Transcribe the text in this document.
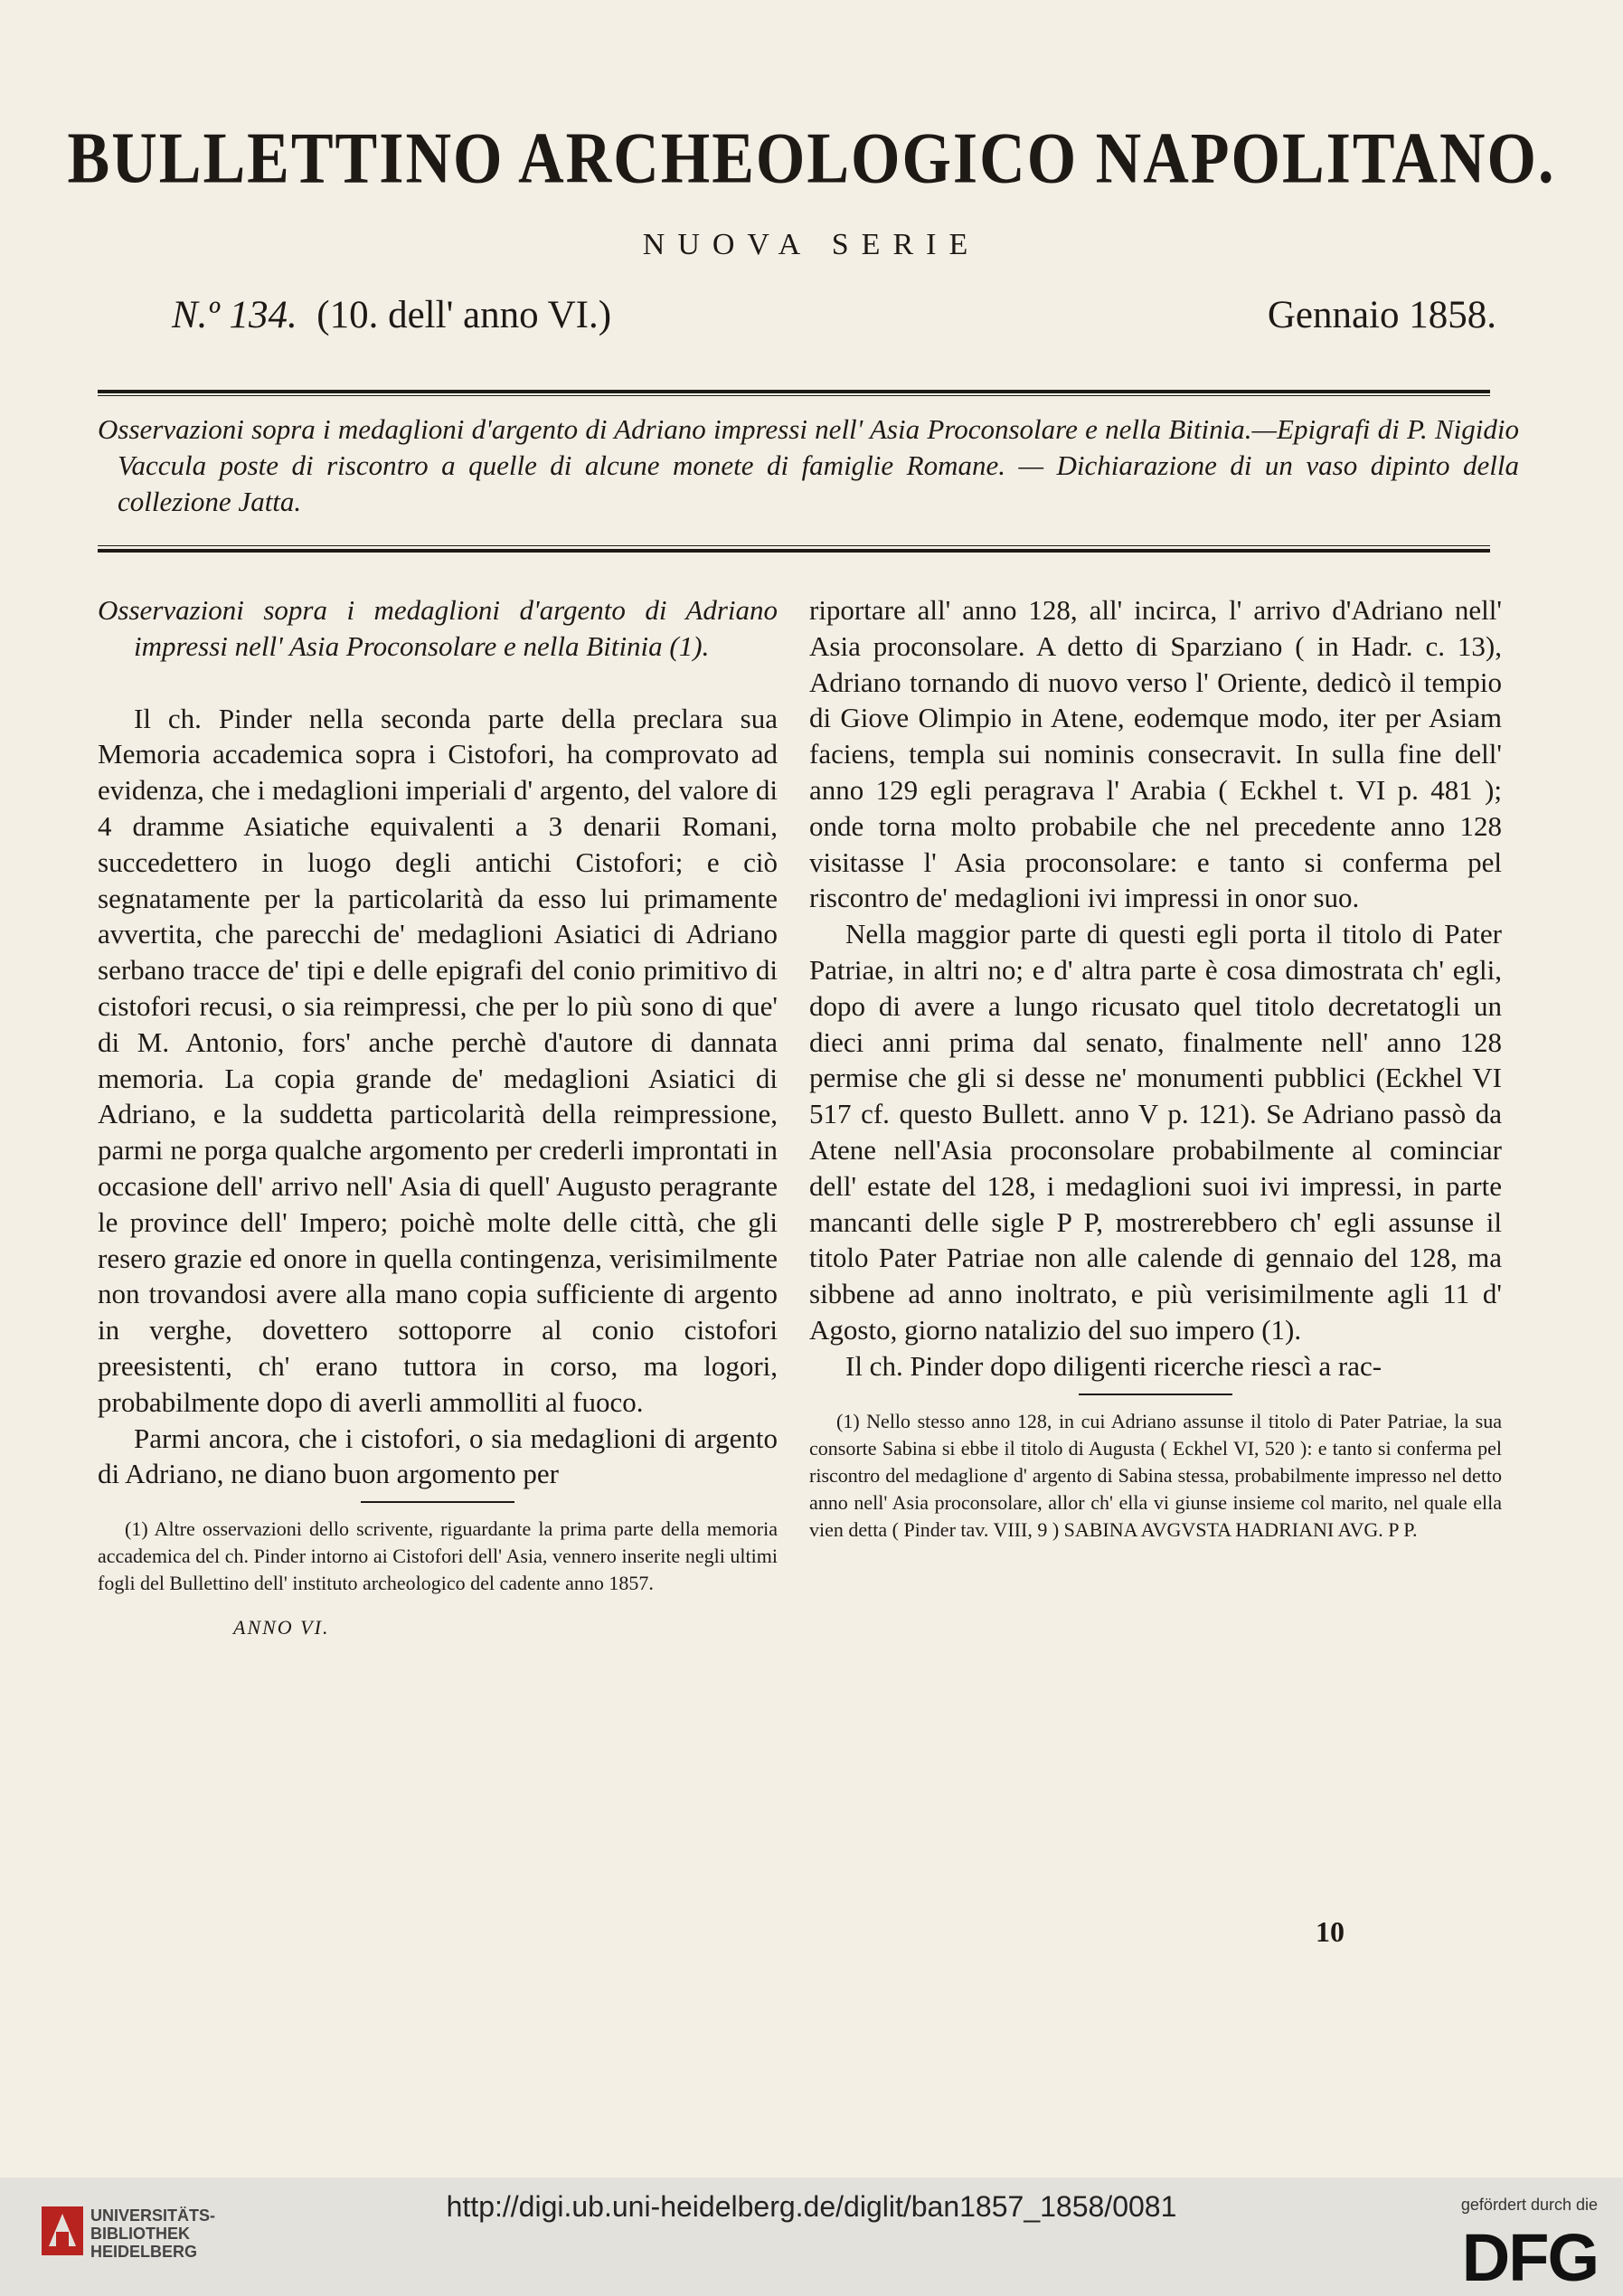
BULLETTINO ARCHEOLOGICO NAPOLITANO.
NUOVA SERIE
N.º 134. (10. dell' anno VI.)	Gennaio 1858.
Osservazioni sopra i medaglioni d'argento di Adriano impressi nell' Asia Proconsolare e nella Bitinia.—Epigrafi di P. Nigidio Vaccula poste di riscontro a quelle di alcune monete di famiglie Romane. — Dichiarazione di un vaso dipinto della collezione Jatta.
Osservazioni sopra i medaglioni d'argento di Adriano impressi nell' Asia Proconsolare e nella Bitinia (1).

Il ch. Pinder nella seconda parte della preclara sua Memoria accademica sopra i Cistofori, ha comprovato ad evidenza, che i medaglioni imperiali d' argento, del valore di 4 dramme Asiatiche equivalenti a 3 denarii Romani, succedettero in luogo degli antichi Cistofori; e ciò segnatamente per la particolarità da esso lui primamente avvertita, che parecchi de' medaglioni Asiatici di Adriano serbano tracce de' tipi e delle epigrafi del conio primitivo di cistofori recusi, o sia reimpressi, che per lo più sono di que' di M. Antonio, fors' anche perchè d'autore di dannata memoria. La copia grande de' medaglioni Asiatici di Adriano, e la suddetta particolarità della reimpressione, parmi ne porga qualche argomento per crederli improntati in occasione dell' arrivo nell' Asia di quell' Augusto peragrante le province dell' Impero; poichè molte delle città, che gli resero grazie ed onore in quella contingenza, verisimilmente non trovandosi avere alla mano copia sufficiente di argento in verghe, dovettero sottoporre al conio cistofori preesistenti, ch' erano tuttora in corso, ma logori, probabilmente dopo di averli ammolliti al fuoco.

Parmi ancora, che i cistofori, o sia medaglioni di argento di Adriano, ne diano buon argomento per

(1) Altre osservazioni dello scrivente, riguardante la prima parte della memoria accademica del ch. Pinder intorno ai Cistofori dell' Asia, vennero inserite negli ultimi fogli del Bullettino dell' instituto archeologico del cadente anno 1857.
ANNO VI.

riportare all' anno 128, all' incirca, l' arrivo d'Adriano nell' Asia proconsolare. A detto di Sparziano ( in Hadr. c. 13), Adriano tornando di nuovo verso l' Oriente, dedicò il tempio di Giove Olimpio in Atene, eodemque modo, iter per Asiam faciens, templa sui nominis consecravit. In sulla fine dell' anno 129 egli peragrava l' Arabia ( Eckhel t. VI p. 481 ); onde torna molto probabile che nel precedente anno 128 visitasse l' Asia proconsolare: e tanto si conferma pel riscontro de' medaglioni ivi impressi in onor suo.

Nella maggior parte di questi egli porta il titolo di Pater Patriae, in altri no; e d' altra parte è cosa dimostrata ch' egli, dopo di avere a lungo ricusato quel titolo decretatogli un dieci anni prima dal senato, finalmente nell' anno 128 permise che gli si desse ne' monumenti pubblici (Eckhel VI 517 cf. questo Bullett. anno V p. 121). Se Adriano passò da Atene nell'Asia proconsolare probabilmente al cominciar dell' estate del 128, i medaglioni suoi ivi impressi, in parte mancanti delle sigle P P, mostrerebbero ch' egli assunse il titolo Pater Patriae non alle calende di gennaio del 128, ma sibbene ad anno inoltrato, e più verisimilmente agli 11 d' Agosto, giorno natalizio del suo impero (1).

Il ch. Pinder dopo diligenti ricerche riescì a rac-

(1) Nello stesso anno 128, in cui Adriano assunse il titolo di Pater Patriae, la sua consorte Sabina si ebbe il titolo di Augusta ( Eckhel VI, 520 ): e tanto si conferma pel riscontro del medaglione d' argento di Sabina stessa, probabilmente impresso nel detto anno nell' Asia proconsolare, allor ch' ella vi giunse insieme col marito, nel quale ella vien detta ( Pinder tav. VIII, 9 ) SABINA AVGVSTA HADRIANI AVG. P P.
10
UNIVERSITÄTS-
BIBLIOTHEK
HEIDELBERG
gefördert durch die
DFG
http://digi.ub.uni-heidelberg.de/diglit/ban1857_1858/0081
